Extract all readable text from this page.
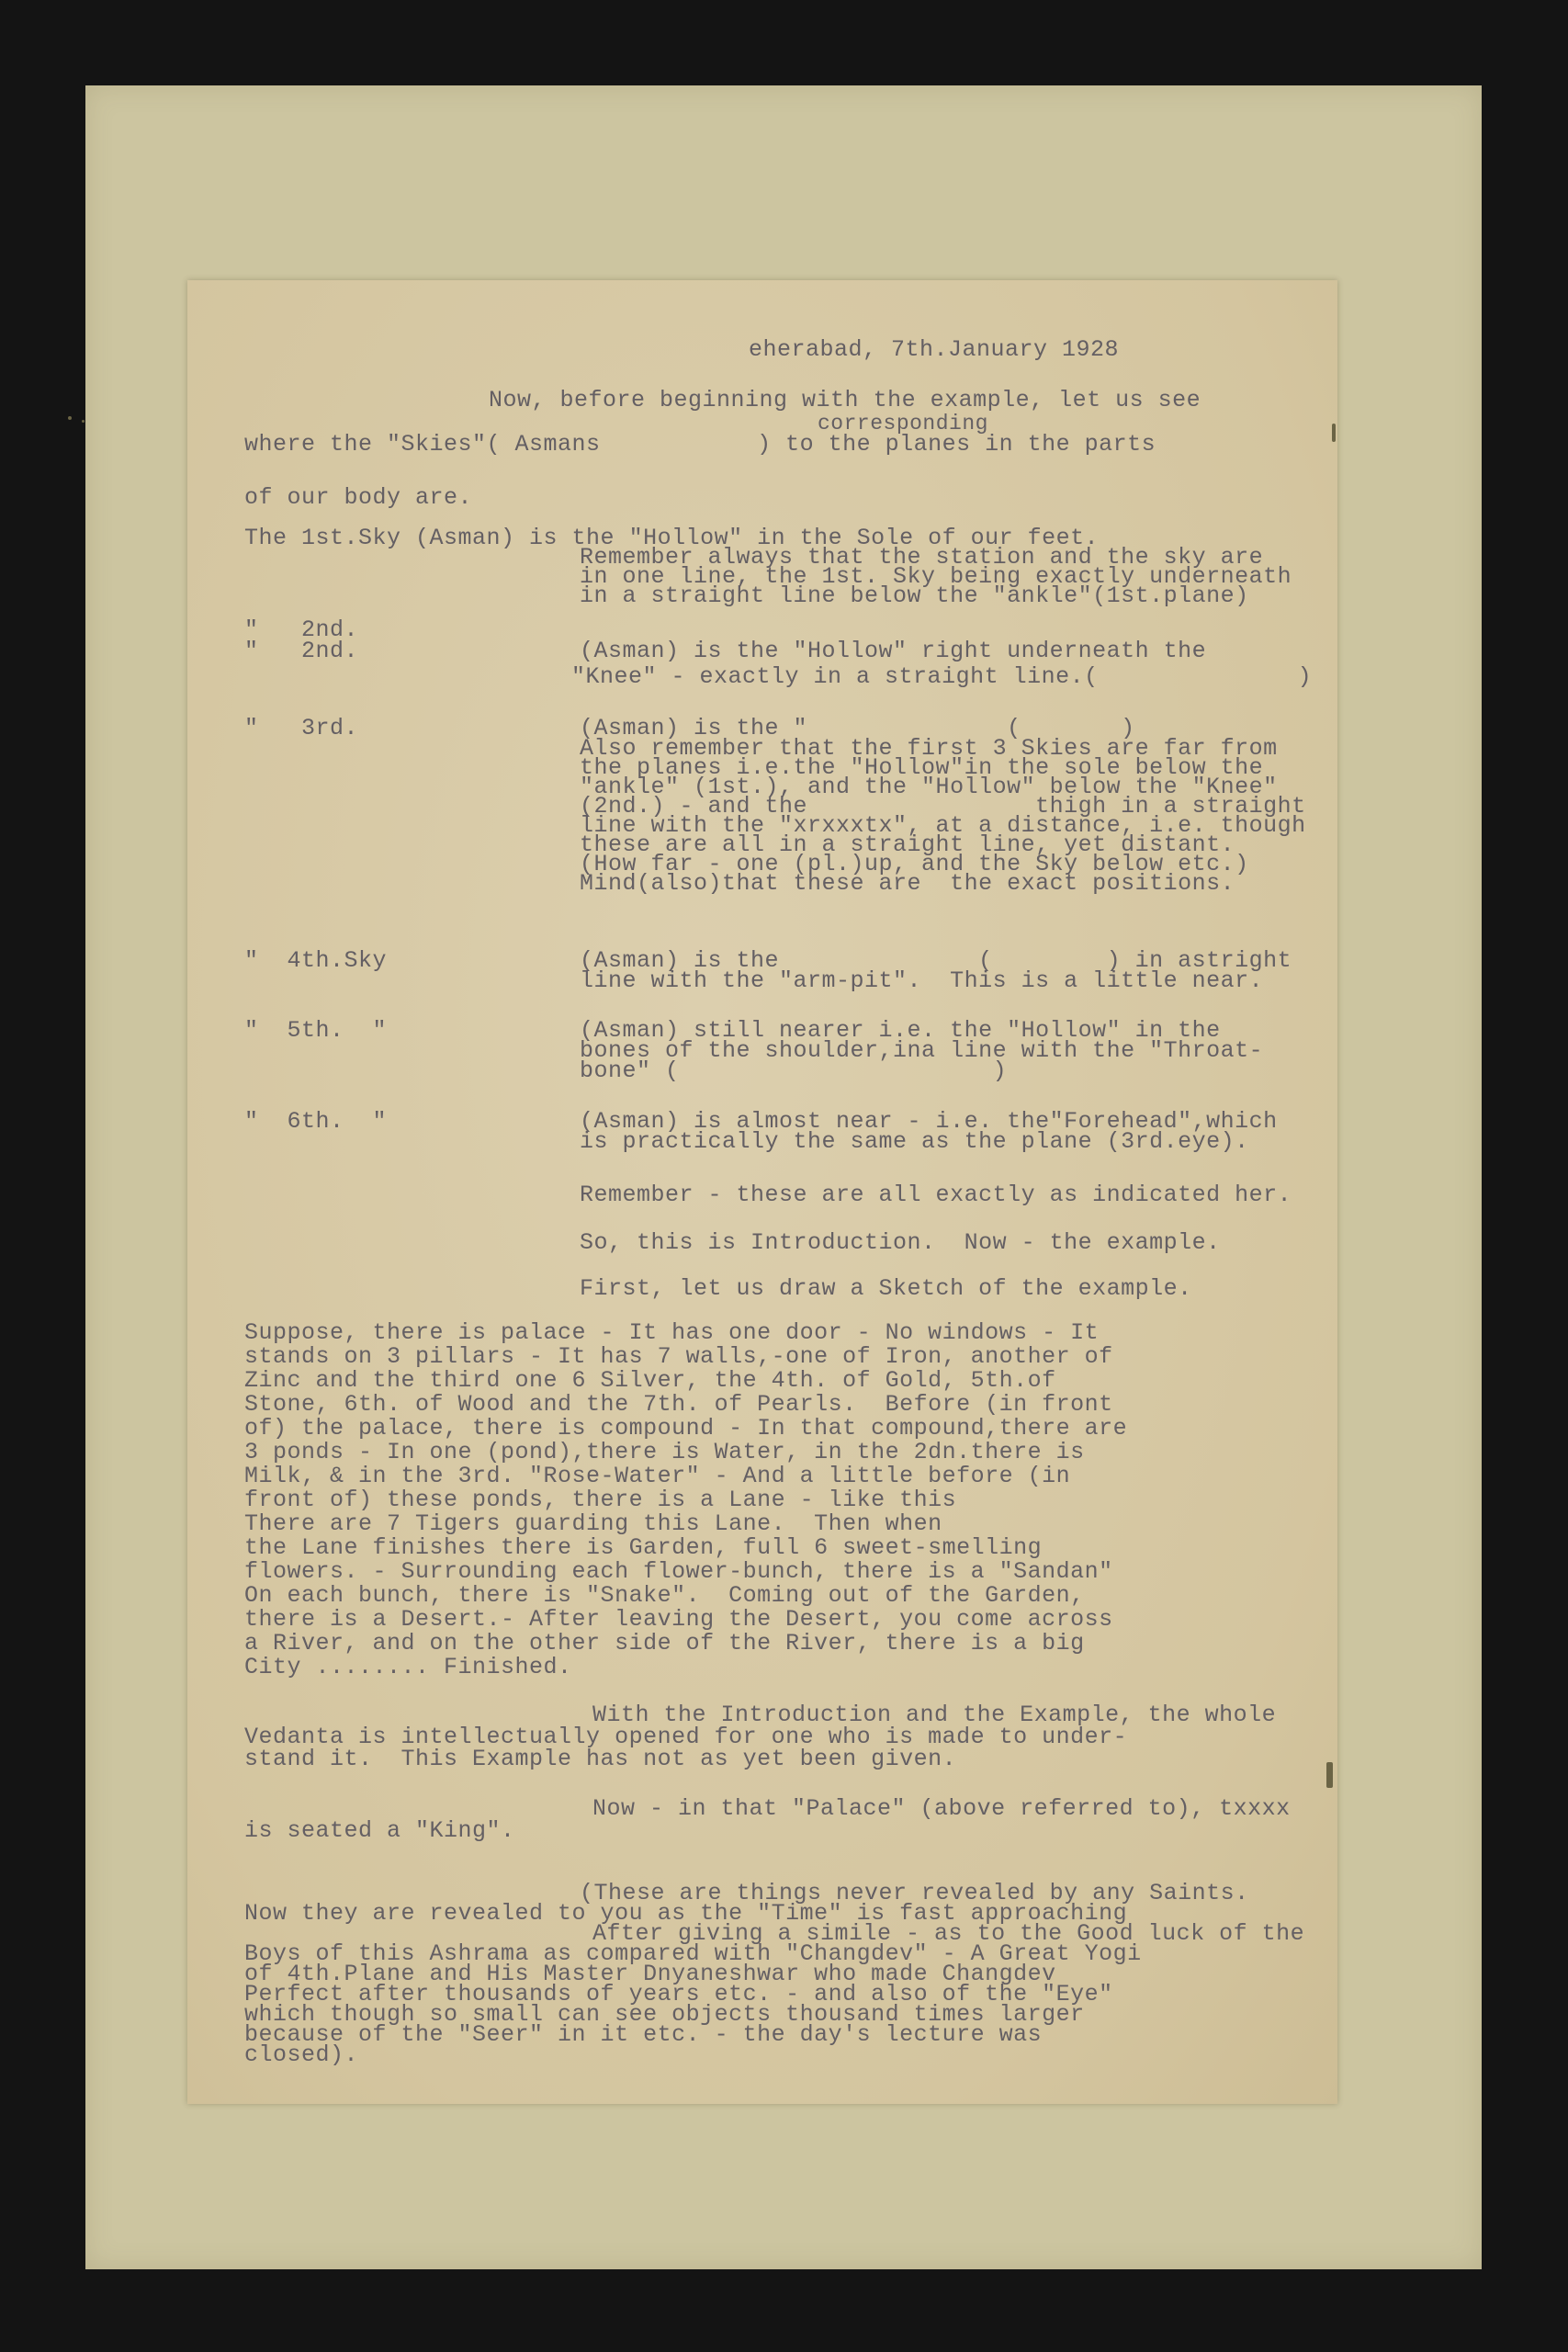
eherabad, 7th.January 1928
Now, before beginning with the example, let us see
corresponding
where the "Skies"( Asmans           ) to the planes in the parts
of our body are.
The 1st.Sky (Asman) is the "Hollow" in the Sole of our feet.
Remember always that the station and the sky are
in one line, the 1st. Sky being exactly underneath
in a straight line below the "ankle"(1st.plane)
"   2nd.
"   2nd.	(Asman) is the "Hollow" right underneath the
"Knee" - exactly in a straight line.(              )
"   3rd.	(Asman) is the "              (       )
Also remember that the first 3 Skies are far from
the planes i.e.the "Hollow"in the sole below the
"ankle" (1st.), and the "Hollow" below the "Knee"
(2nd.) - and the                thigh in a straight
line with the "xrxxxtx", at a distance, i.e. though
these are all in a straight line, yet distant.
(How far - one (pl.)up, and the Sky below etc.)
Mind(also)that these are  the exact positions.
"  4th.Sky	(Asman) is the              (        ) in astright
line with the "arm-pit".  This is a little near.
"  5th.  "	(Asman) still nearer i.e. the "Hollow" in the
bones of the shoulder,ina line with the "Throat-
bone" (                      )
"  6th.  "	(Asman) is almost near - i.e. the"Forehead",which
is practically the same as the plane (3rd.eye).
Remember - these are all exactly as indicated her.
So, this is Introduction.  Now - the example.
First, let us draw a Sketch of the example.
Suppose, there is palace - It has one door - No windows - It
stands on 3 pillars - It has 7 walls,-one of Iron, another of
Zinc and the third one 6 Silver, the 4th. of Gold, 5th.of
Stone, 6th. of Wood and the 7th. of Pearls.  Before (in front
of) the palace, there is compound - In that compound,there are
3 ponds - In one (pond),there is Water, in the 2dn.there is
Milk, & in the 3rd. "Rose-Water" - And a little before (in
front of) these ponds, there is a Lane - like this
There are 7 Tigers guarding this Lane.  Then when
the Lane finishes there is Garden, full 6 sweet-smelling
flowers. - Surrounding each flower-bunch, there is a "Sandan"
On each bunch, there is "Snake".  Coming out of the Garden,
there is a Desert.- After leaving the Desert, you come across
a River, and on the other side of the River, there is a big
City ........ Finished.
With the Introduction and the Example, the whole
Vedanta is intellectually opened for one who is made to under-
stand it.  This Example has not as yet been given.
Now - in that "Palace" (above referred to), txxxx
is seated a "King".
(These are things never revealed by any Saints.
Now they are revealed to you as the "Time" is fast approaching
After giving a simile - as to the Good luck of the
Boys of this Ashrama as compared with "Changdev" - A Great Yogi
of 4th.Plane and His Master Dnyaneshwar who made Changdev
Perfect after thousands of years etc. - and also of the "Eye"
which though so small can see objects thousand times larger
because of the "Seer" in it etc. - the day's lecture was
closed).
